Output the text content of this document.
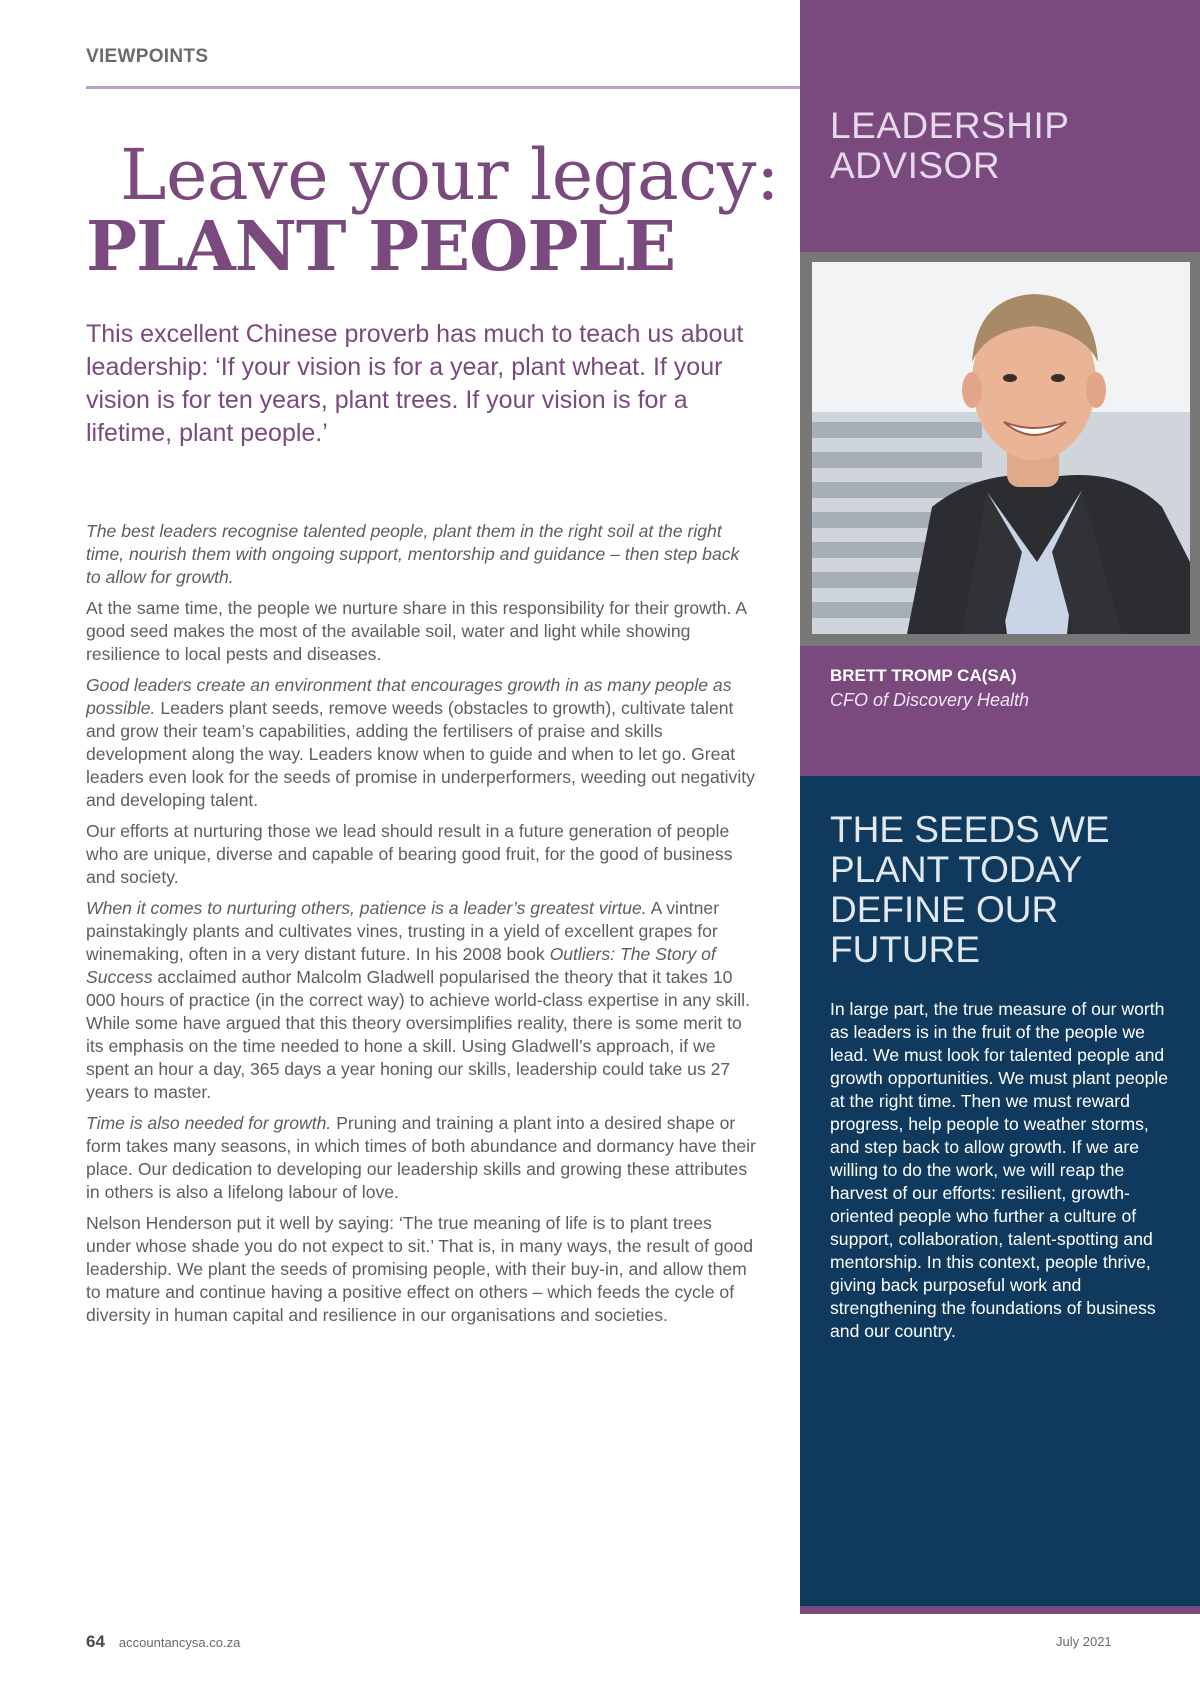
VIEWPOINTS
Leave your legacy:
PLANT PEOPLE
This excellent Chinese proverb has much to teach us about leadership: ‘If your vision is for a year, plant wheat. If your vision is for ten years, plant trees. If your vision is for a lifetime, plant people.’

The best leaders recognise talented people, plant them in the right soil at the right time, nourish them with ongoing support, mentorship and guidance – then step back to allow for growth.

At the same time, the people we nurture share in this responsibility for their growth. A good seed makes the most of the available soil, water and light while showing resilience to local pests and diseases.

Good leaders create an environment that encourages growth in as many people as possible. Leaders plant seeds, remove weeds (obstacles to growth), cultivate talent and grow their team’s capabilities, adding the fertilisers of praise and skills development along the way. Leaders know when to guide and when to let go. Great leaders even look for the seeds of promise in underperformers, weeding out negativity and developing talent.

Our efforts at nurturing those we lead should result in a future generation of people who are unique, diverse and capable of bearing good fruit, for the good of business and society.

When it comes to nurturing others, patience is a leader’s greatest virtue. A vintner painstakingly plants and cultivates vines, trusting in a yield of excellent grapes for winemaking, often in a very distant future. In his 2008 book Outliers: The Story of Success acclaimed author Malcolm Gladwell popularised the theory that it takes 10 000 hours of practice (in the correct way) to achieve world-class expertise in any skill. While some have argued that this theory oversimplifies reality, there is some merit to its emphasis on the time needed to hone a skill. Using Gladwell’s approach, if we spent an hour a day, 365 days a year honing our skills, leadership could take us 27 years to master.

Time is also needed for growth. Pruning and training a plant into a desired shape or form takes many seasons, in which times of both abundance and dormancy have their place. Our dedication to developing our leadership skills and growing these attributes in others is also a lifelong labour of love.

Nelson Henderson put it well by saying: ‘The true meaning of life is to plant trees under whose shade you do not expect to sit.’ That is, in many ways, the result of good leadership. We plant the seeds of promising people, with their buy-in, and allow them to mature and continue having a positive effect on others – which feeds the cycle of diversity in human capital and resilience in our organisations and societies.

64 accountancysa.co.za	July 2021
LEADERSHIP
ADVISOR
BRETT TROMP CA(SA)
CFO of Discovery Health
THE SEEDS WE PLANT TODAY DEFINE OUR FUTURE
In large part, the true measure of our worth as leaders is in the fruit of the people we lead. We must look for talented people and growth opportunities. We must plant people at the right time. Then we must reward progress, help people to weather storms, and step back to allow growth. If we are willing to do the work, we will reap the harvest of our efforts: resilient, growth-oriented people who further a culture of support, collaboration, talent-spotting and mentorship. In this context, people thrive, giving back purposeful work and strengthening the foundations of business and our country.
